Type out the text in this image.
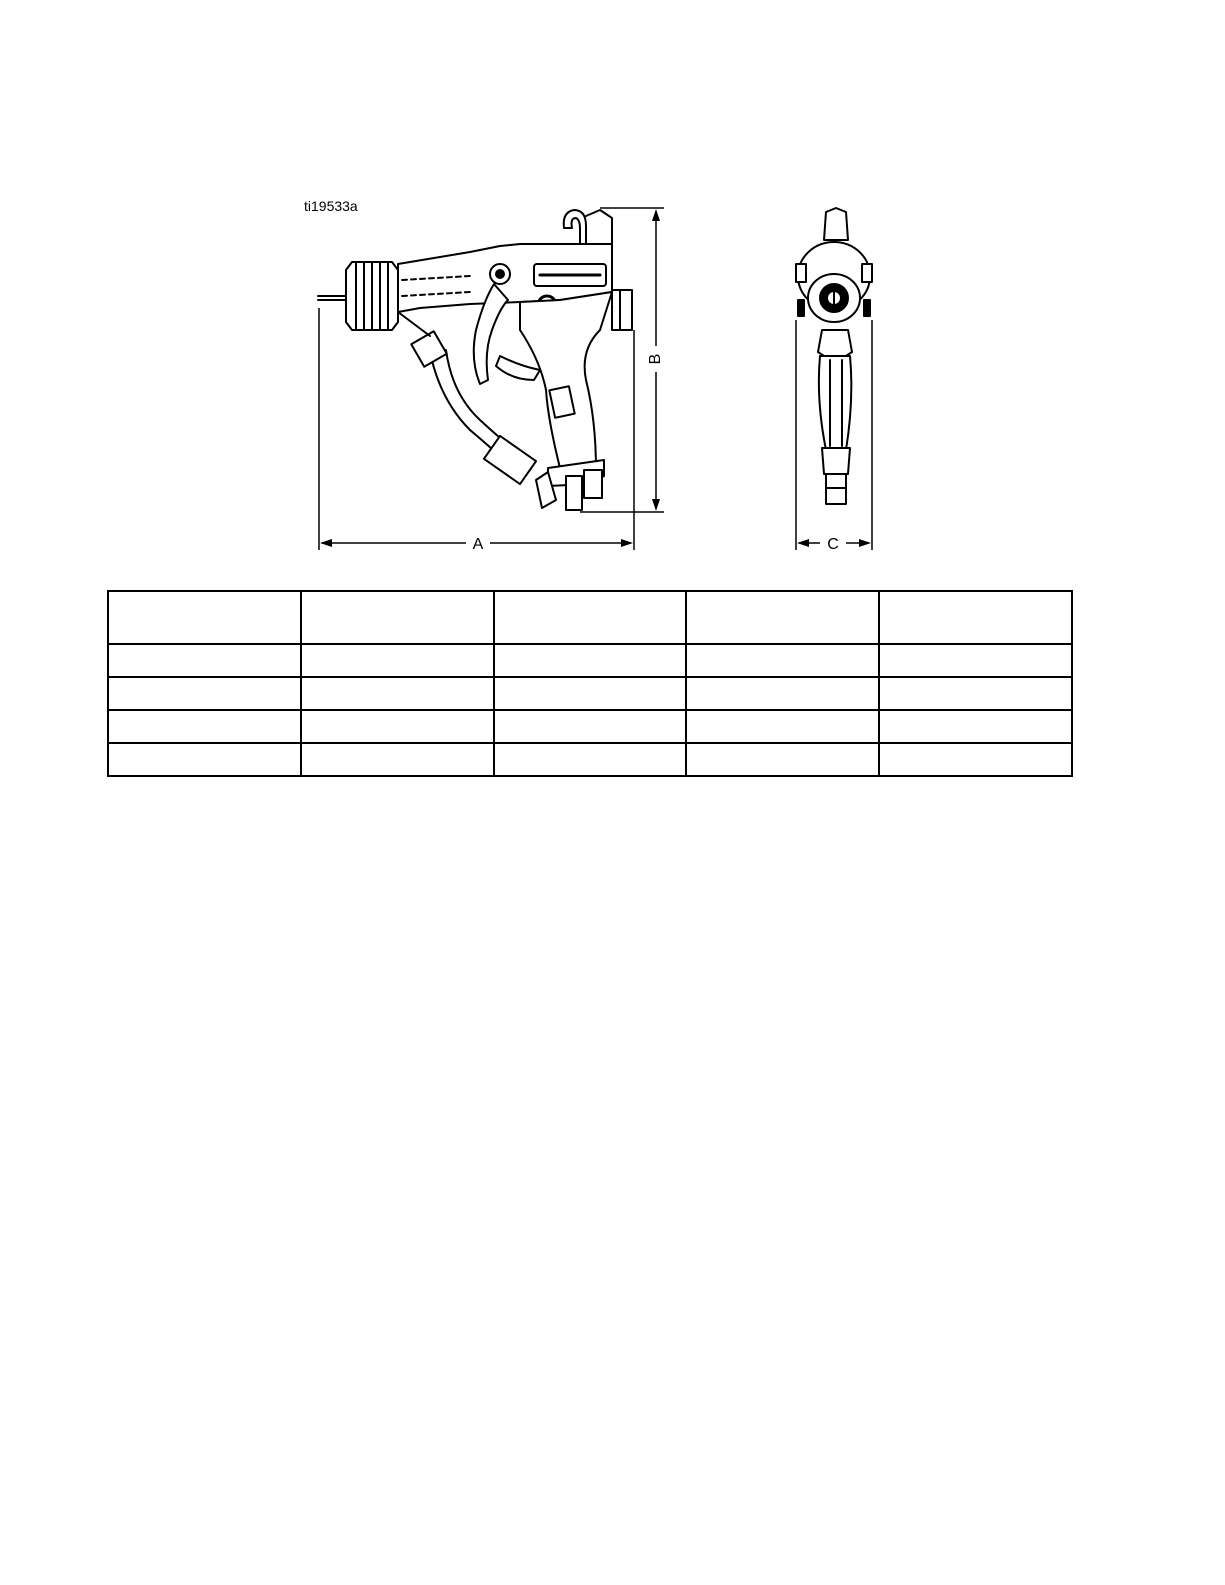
ti19533a
A
B
C
